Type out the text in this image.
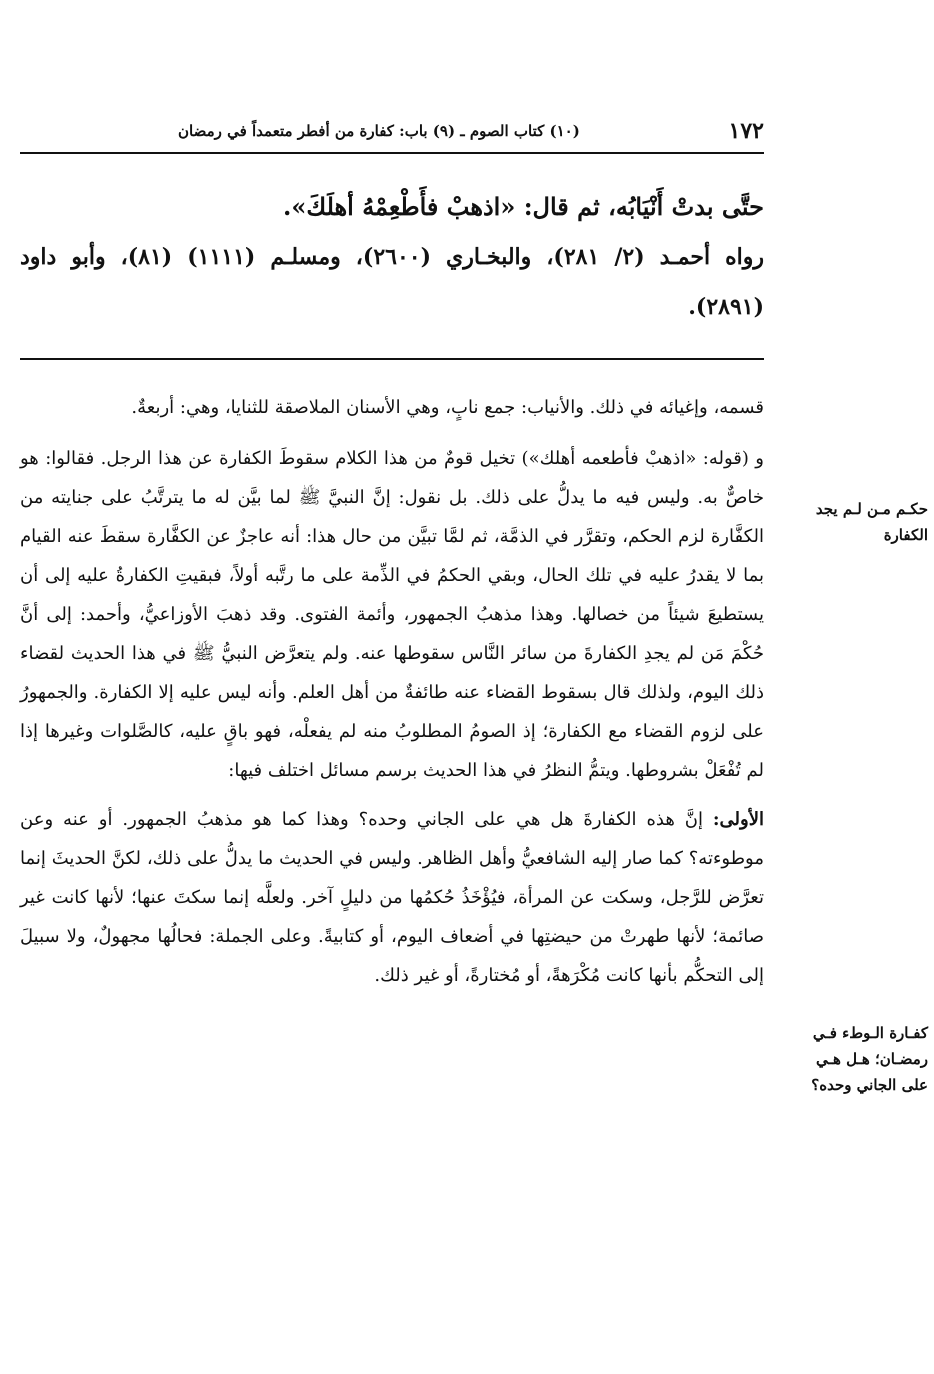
١٧٢
(١٠) كتاب الصوم ـ (٩) باب: كفارة من أفطر متعمداً في رمضان

حتَّى بدتْ أَنْيَابُه، ثم قال: «اذهبْ فأَطْعِمْهُ أهلَكَ».

رواه أحمـد (٢/ ٢٨١)، والبخـاري (٢٦٠٠)، ومسلـم (١١١١) (٨١)، وأبو داود (٢٨٩١).

قسمه، وإغيائه في ذلك. والأنياب: جمع نابٍ، وهي الأسنان الملاصقة للثنايا، وهي: أربعةٌ.

و (قوله: «اذهبْ فأطعمه أهلك») تخيل قومٌ من هذا الكلام سقوطَ الكفارة عن هذا الرجل. فقالوا: هو خاصٌّ به. وليس فيه ما يدلُّ على ذلك. بل نقول: إنَّ النبيَّ ﷺ لما بيَّن له ما يترتَّبُ على جنايته من الكفَّارة لزم الحكم، وتقرَّر في الذمَّة، ثم لمَّا تبيَّن من حال هذا: أنه عاجزٌ عن الكفَّارة سقطَ عنه القيام بما لا يقدرُ عليه في تلك الحال، وبقي الحكمُ في الذِّمة على ما رتَّبه أولاً، فبقيتِ الكفارةُ عليه إلى أن يستطيعَ شيئاً من خصالها. وهذا مذهبُ الجمهور، وأئمة الفتوى. وقد ذهبَ الأوزاعيُّ، وأحمد: إلى أنَّ حُكْمَ مَن لم يجدِ الكفارةَ من سائر النَّاس سقوطها عنه. ولم يتعرَّض النبيُّ ﷺ في هذا الحديث لقضاء ذلك اليوم، ولذلك قال بسقوط القضاء عنه طائفةٌ من أهل العلم. وأنه ليس عليه إلا الكفارة. والجمهورُ على لزوم القضاء مع الكفارة؛ إذ الصومُ المطلوبُ منه لم يفعلْه، فهو باقٍ عليه، كالصَّلوات وغيرها إذا لم تُفْعَلْ بشروطها. ويتمُّ النظرُ في هذا الحديث برسم مسائل اختلف فيها:

الأولى: إنَّ هذه الكفارةَ هل هي على الجاني وحده؟ وهذا كما هو مذهبُ الجمهور. أو عنه وعن موطوءته؟ كما صار إليه الشافعيُّ وأهل الظاهر. وليس في الحديث ما يدلُّ على ذلك، لكنَّ الحديثَ إنما تعرَّض للرَّجل، وسكت عن المرأة، فيُؤْخَذُ حُكمُها من دليلٍ آخر. ولعلَّه إنما سكتَ عنها؛ لأنها كانت غير صائمة؛ لأنها طهرتْ من حيضتِها في أضعاف اليوم، أو كتابيةً. وعلى الجملة: فحالُها مجهولٌ، ولا سبيلَ إلى التحكُّم بأنها كانت مُكْرَهةً، أو مُختارةً، أو غير ذلك.

حكـم مـن لـم يجد الكفارة
كفـارة الـوطء فـي رمضـان؛ هـل هـي على الجاني وحده؟
